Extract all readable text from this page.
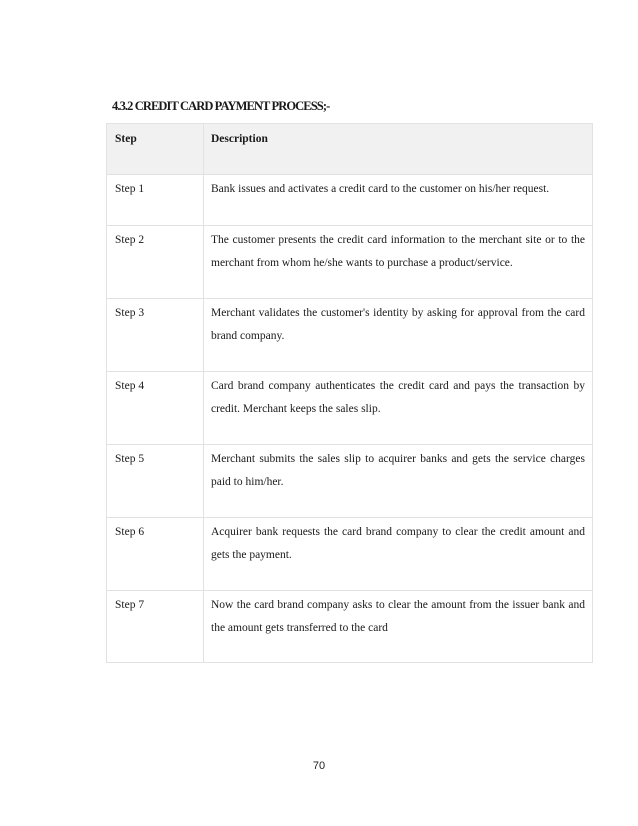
4.3.2 CREDIT CARD PAYMENT PROCESS;-
Step	Description

Step 1	Bank issues and activates a credit card to the customer on his/her request.

Step 2	The customer presents the credit card information to the merchant site or to the merchant from whom he/she wants to purchase a product/service.

Step 3	Merchant validates the customer's identity by asking for approval from the card brand company.

Step 4	Card brand company authenticates the credit card and pays the transaction by credit. Merchant keeps the sales slip.

Step 5	Merchant submits the sales slip to acquirer banks and gets the service charges paid to him/her.

Step 6	Acquirer bank requests the card brand company to clear the credit amount and gets the payment.

Step 7	Now the card brand company asks to clear the amount from the issuer bank and the amount gets transferred to the card
70
